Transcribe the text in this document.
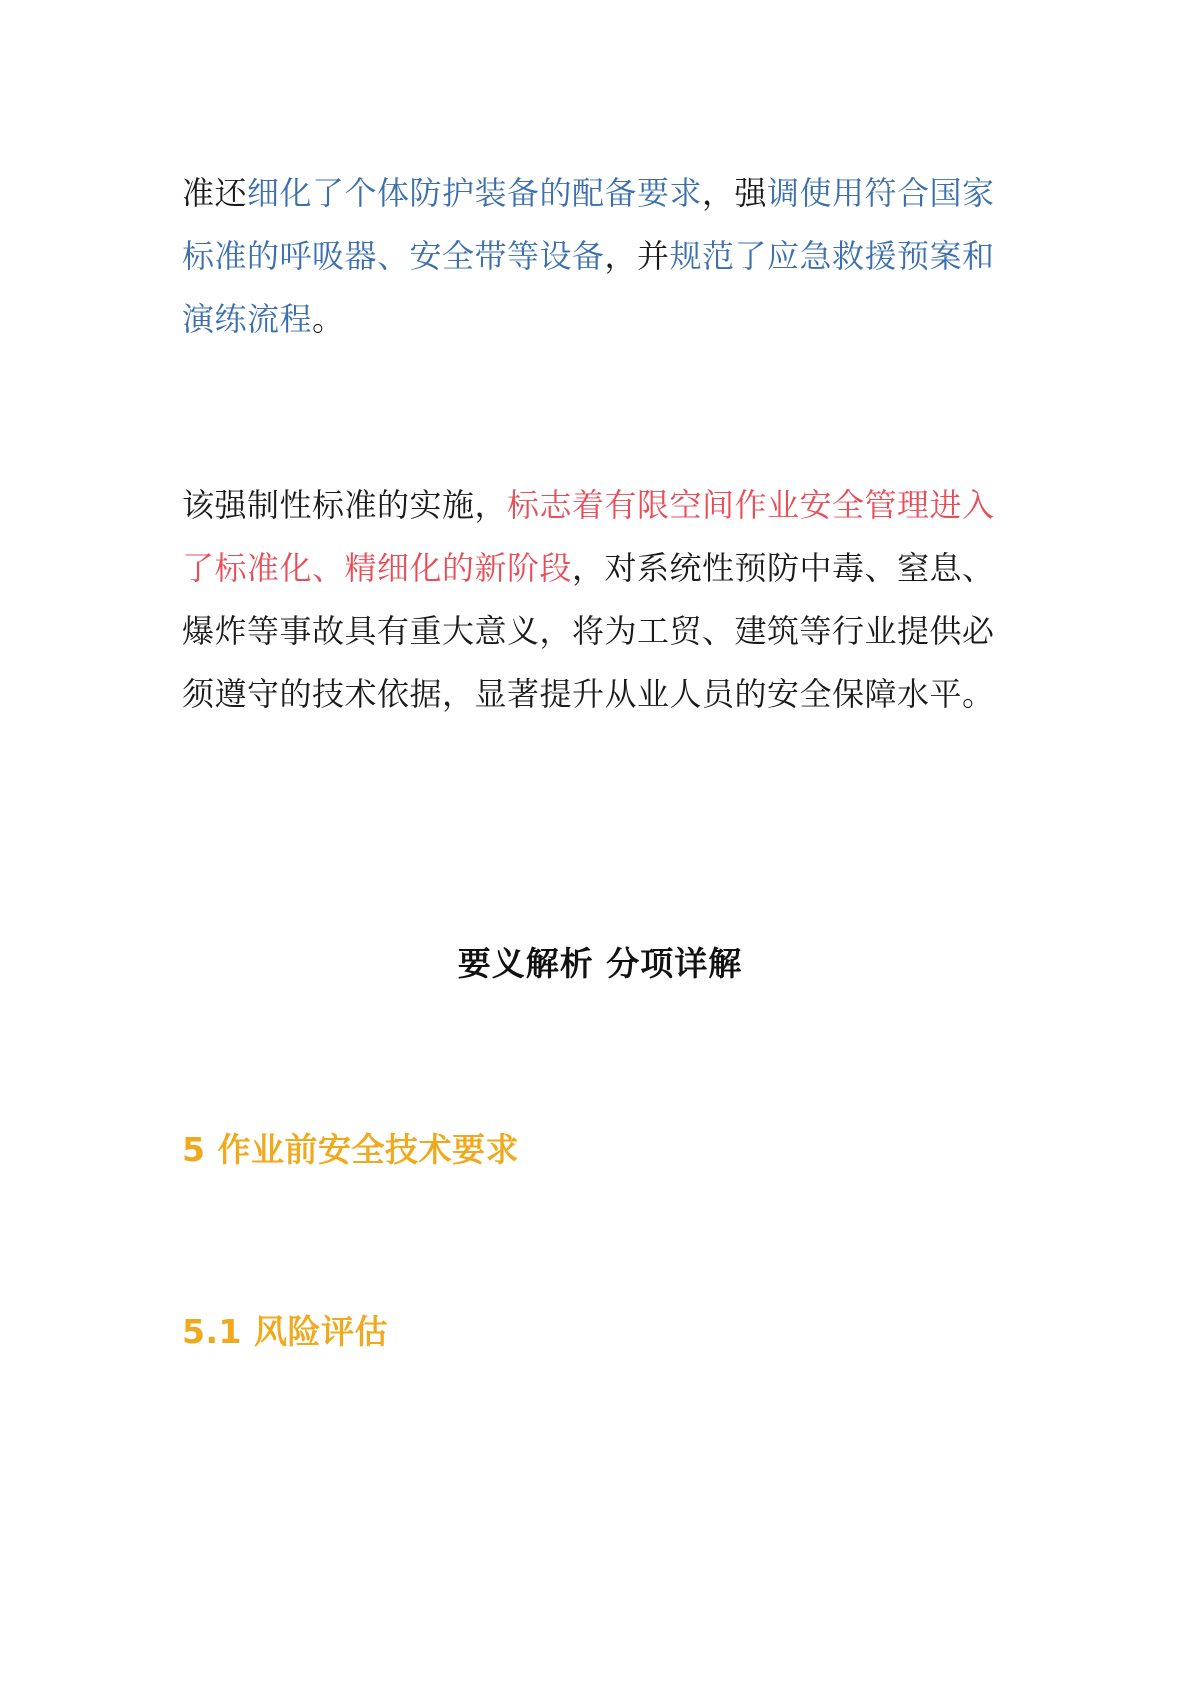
准还细化了个体防护装备的配备要求，强调使用符合国家标准的呼吸器、安全带等设备，并规范了应急救援预案和演练流程。

该强制性标准的实施，标志着有限空间作业安全管理进入了标准化、精细化的新阶段，对系统性预防中毒、窒息、爆炸等事故具有重大意义，将为工贸、建筑等行业提供必须遵守的技术依据，显著提升从业人员的安全保障水平。

要义解析 分项详解
5 作业前安全技术要求
5.1 风险评估
